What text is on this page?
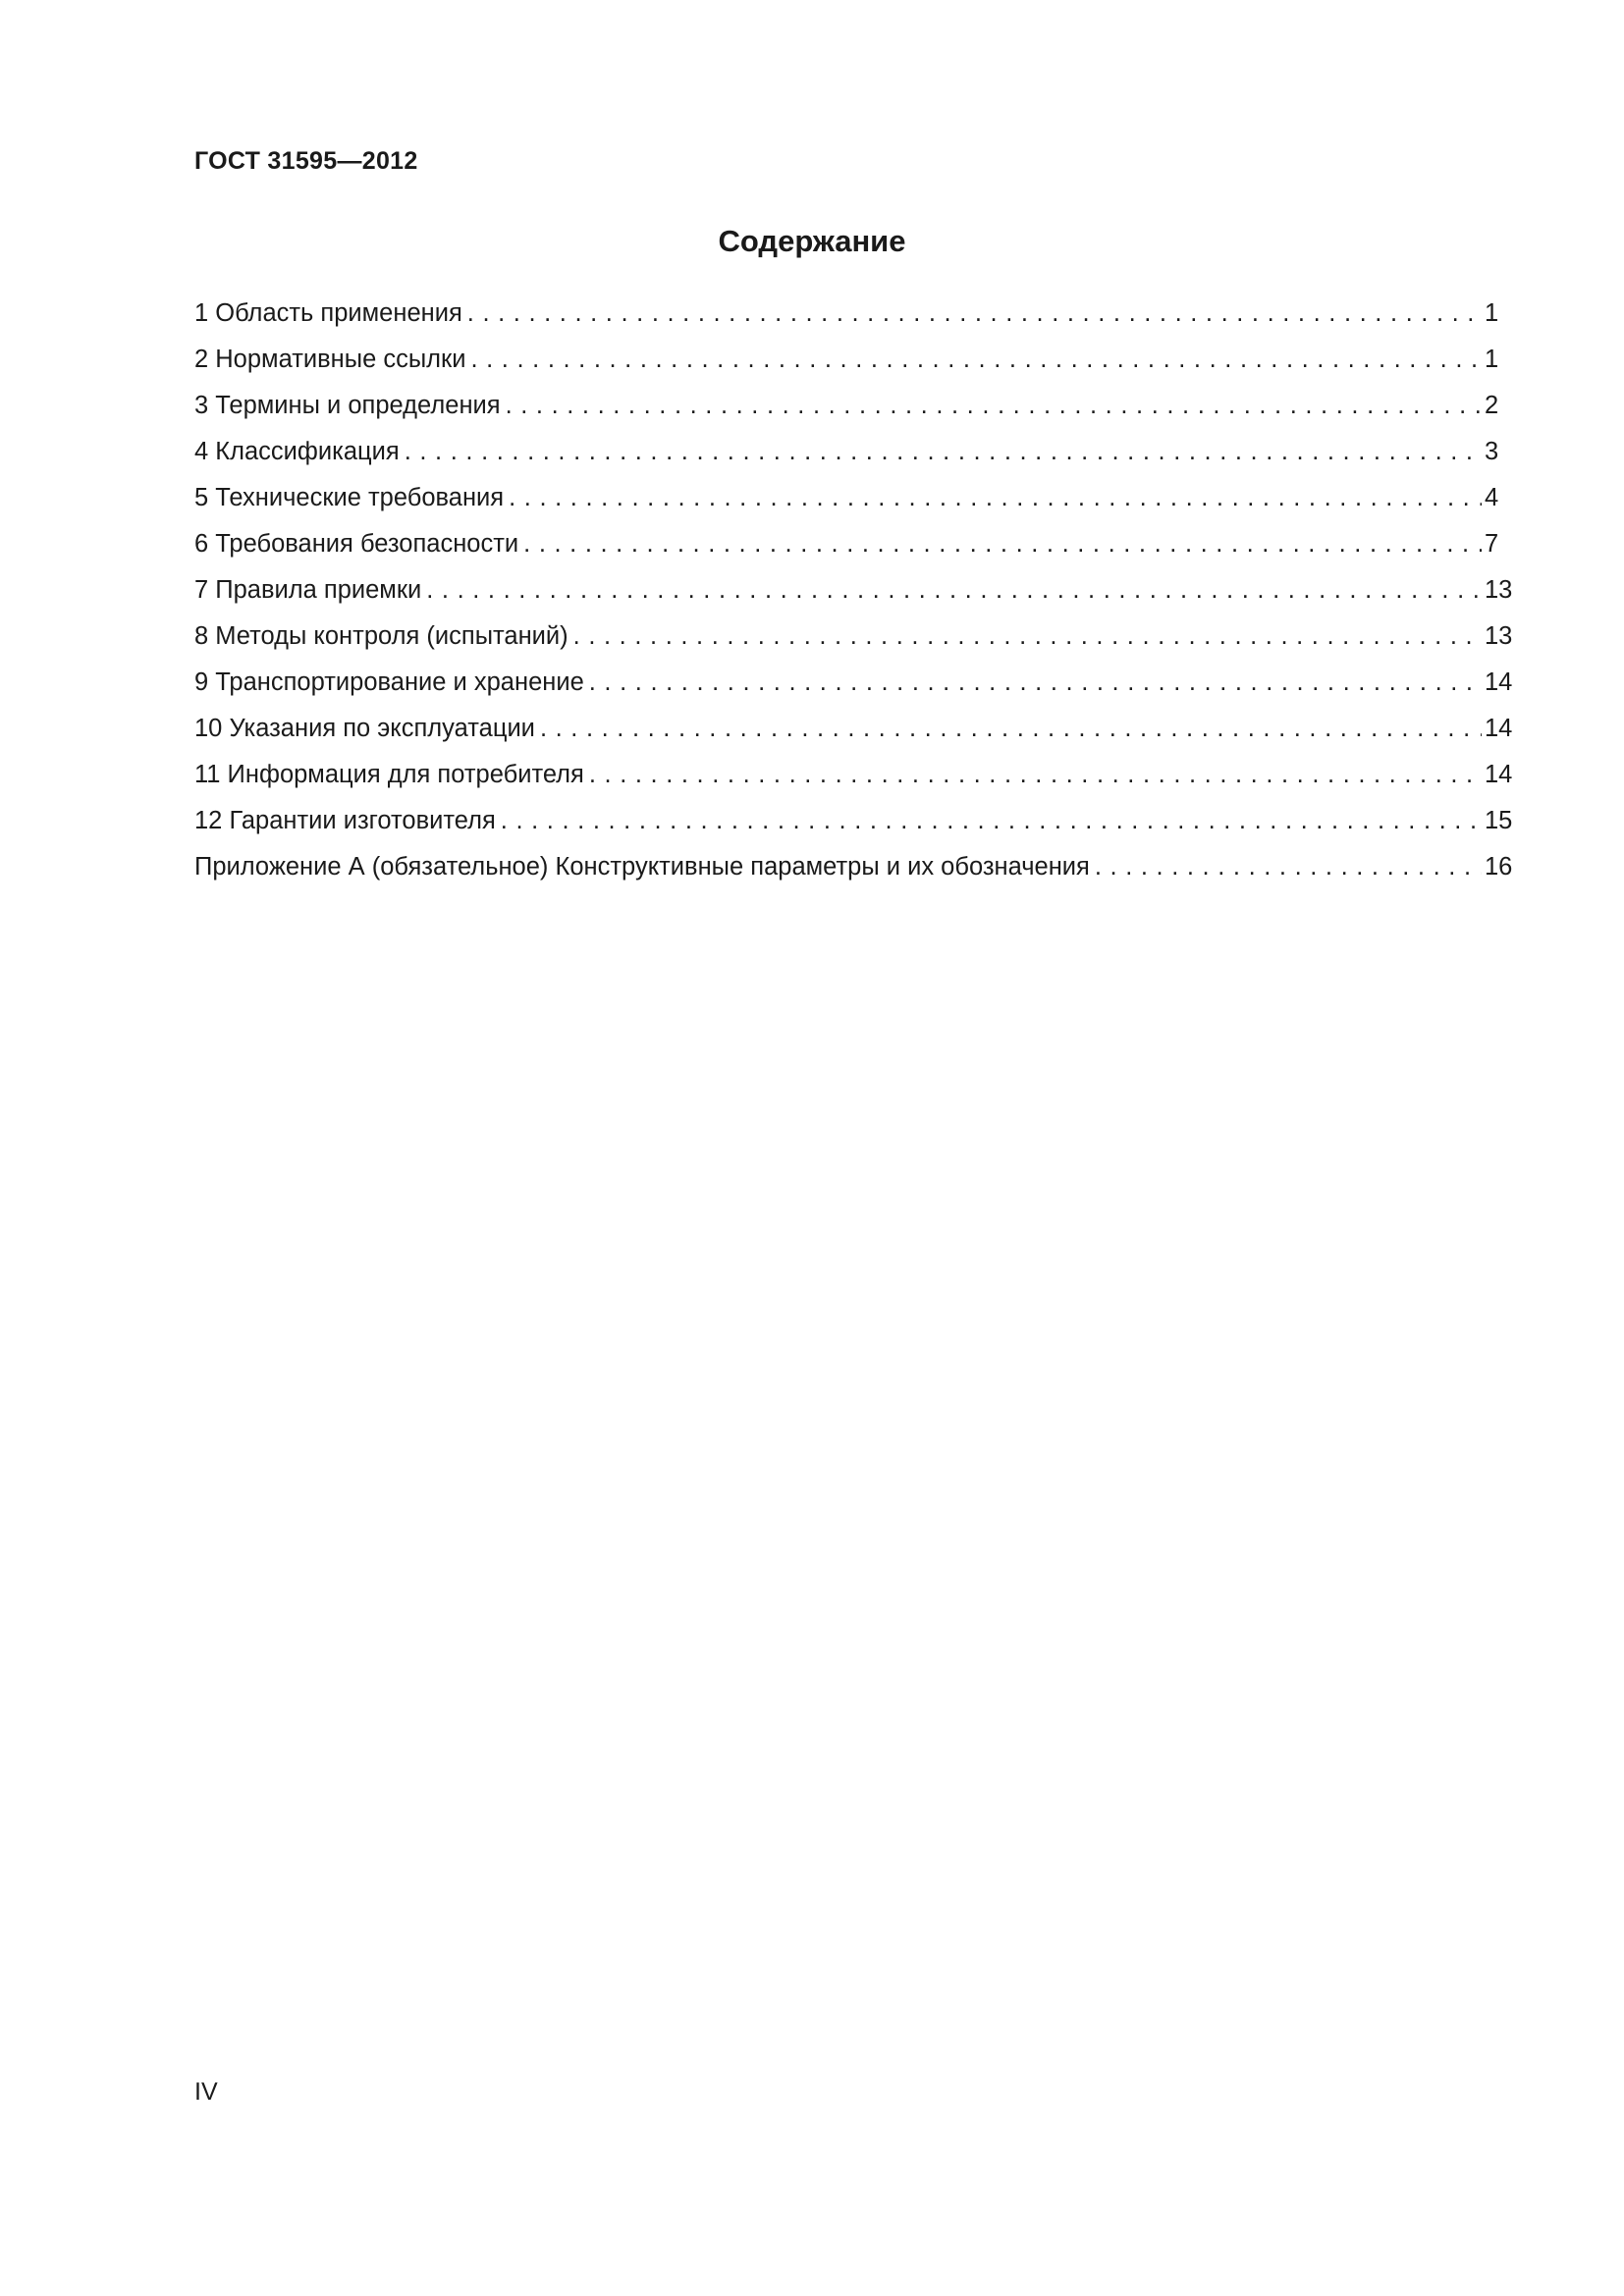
ГОСТ 31595—2012
Содержание
1 Область применения . . .	1
2 Нормативные ссылки . . .	1
3 Термины и определения . . .	2
4 Классификация . . .	3
5 Технические требования . . .	4
6 Требования безопасности . . .	7
7 Правила приемки . . .	13
8 Методы контроля (испытаний) . . .	13
9 Транспортирование и хранение . . .	14
10 Указания по эксплуатации . . .	14
11 Информация для потребителя . . .	14
12 Гарантии изготовителя . . .	15
Приложение А (обязательное) Конструктивные параметры и их обозначения . . .	16
IV
